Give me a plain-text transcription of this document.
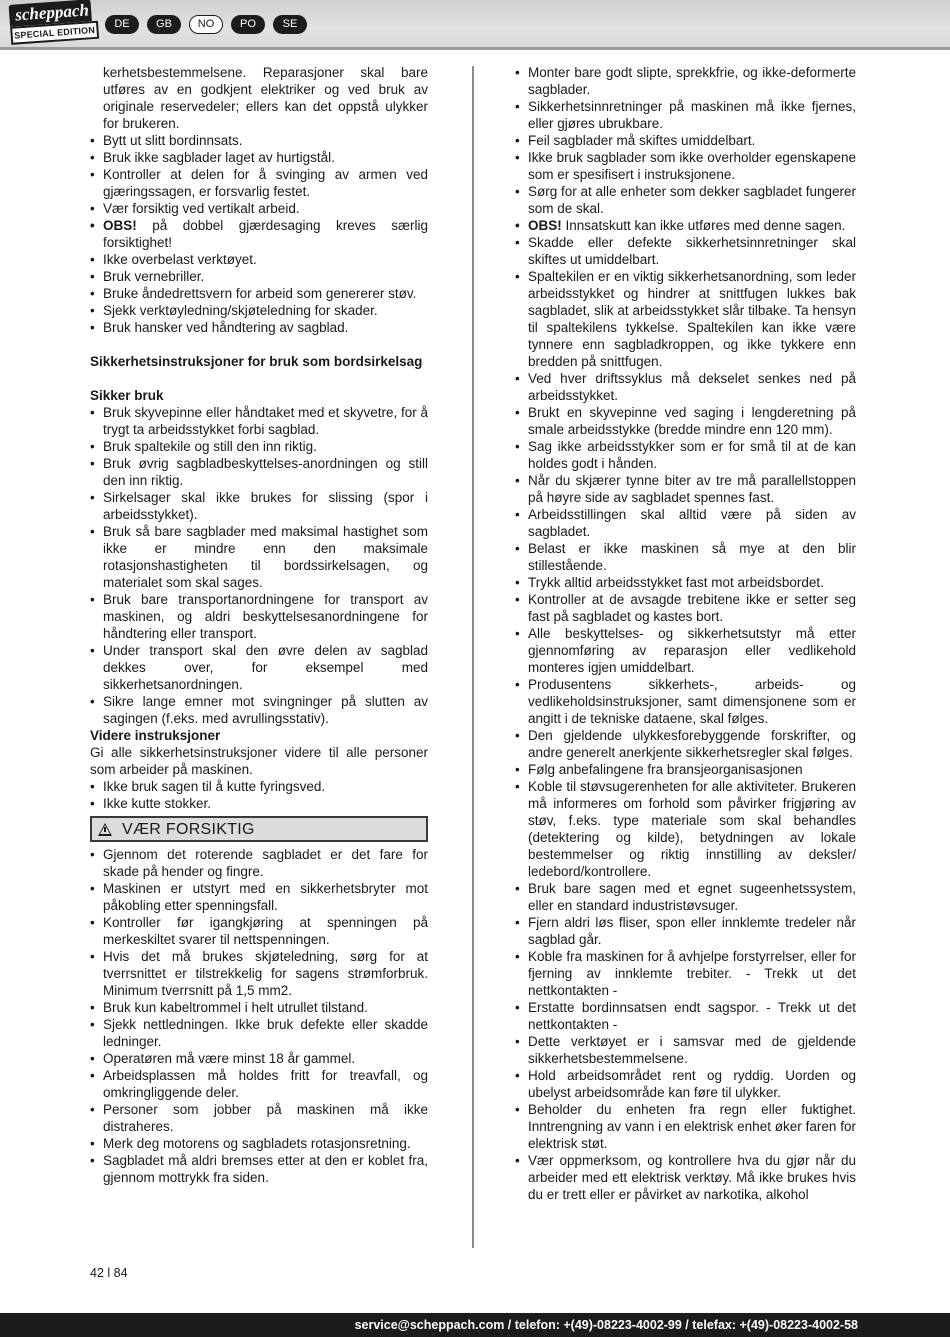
scheppach
SPECIAL EDITION
DE	GB	NO	PO	SE

kerhetsbestemmelsene. Reparasjoner skal bare utføres av en godkjent elektriker og ved bruk av originale reservedeler; ellers kan det oppstå ulykker for brukeren.

• Bytt ut slitt bordinnsats.
• Bruk ikke sagblader laget av hurtigstål.
• Kontroller at delen for å svinging av armen ved gjæringssagen, er forsvarlig festet.
• Vær forsiktig ved vertikalt arbeid.
• OBS! på dobbel gjærdesaging kreves særlig forsiktighet!
• Ikke overbelast verktøyet.
• Bruk vernebriller.
• Bruke åndedrettsvern for arbeid som genererer støv.
• Sjekk verktøyledning/skjøteledning for skader.
• Bruk hansker ved håndtering av sagblad.

Sikkerhetsinstruksjoner for bruk som bordsirkelsag

Sikker bruk

• Bruk skyvepinne eller håndtaket med et skyvetre, for å trygt ta arbeidsstykket forbi sagblad.
• Bruk spaltekile og still den inn riktig.
• Bruk øvrig sagbladbeskyttelses-anordningen og still den inn riktig.
• Sirkelsager skal ikke brukes for slissing (spor i arbeidsstykket).
• Bruk så bare sagblader med maksimal hastighet som ikke er mindre enn den maksimale rotasjonshastigheten til bordssirkelsagen, og materialet som skal sages.
• Bruk bare transportanordningene for transport av maskinen, og aldri beskyttelsesanordningene for håndtering eller transport.
• Under transport skal den øvre delen av sagblad dekkes over, for eksempel med sikkerhetsanordningen.
• Sikre lange emner mot svingninger på slutten av sagingen (f.eks. med avrullingsstativ).

Videre instruksjoner

Gi alle sikkerhetsinstruksjoner videre til alle personer som arbeider på maskinen.

• Ikke bruk sagen til å kutte fyringsved.
• Ikke kutte stokker.
VÆR FORSIKTIG
• Gjennom det roterende sagbladet er det fare for skade på hender og fingre.
• Maskinen er utstyrt med en sikkerhetsbryter mot påkobling etter spenningsfall.
• Kontroller før igangkjøring at spenningen på merkeskiltet svarer til nettspenningen.
• Hvis det må brukes skjøteledning, sørg for at tverrsnittet er tilstrekkelig for sagens strømforbruk. Minimum tverrsnitt på 1,5 mm2.
• Bruk kun kabeltrommel i helt utrullet tilstand.
• Sjekk nettledningen. Ikke bruk defekte eller skadde ledninger.
• Operatøren må være minst 18 år gammel.
• Arbeidsplassen må holdes fritt for treavfall, og omkringliggende deler.
• Personer som jobber på maskinen må ikke distraheres.
• Merk deg motorens og sagbladets rotasjonsretning.
• Sagbladet må aldri bremses etter at den er koblet fra, gjennom mottrykk fra siden.
• Monter bare godt slipte, sprekkfrie, og ikke-deformerte sagblader.
• Sikkerhetsinnretninger på maskinen må ikke fjernes, eller gjøres ubrukbare.
• Feil sagblader må skiftes umiddelbart.
• Ikke bruk sagblader som ikke overholder egenskapene som er spesifisert i instruksjonene.
• Sørg for at alle enheter som dekker sagbladet fungerer som de skal.
• OBS! Innsatskutt kan ikke utføres med denne sagen.
• Skadde eller defekte sikkerhetsinnretninger skal skiftes ut umiddelbart.
• Spaltekilen er en viktig sikkerhetsanordning, som leder arbeidsstykket og hindrer at snittfugen lukkes bak sagbladet, slik at arbeidsstykket slår tilbake. Ta hensyn til spaltekilens tykkelse. Spaltekilen kan ikke være tynnere enn sagbladkroppen, og ikke tykkere enn bredden på snittfugen.
• Ved hver driftssyklus må dekselet senkes ned på arbeidsstykket.
• Brukt en skyvepinne ved saging i lengderetning på smale arbeidsstykke (bredde mindre enn 120 mm).
• Sag ikke arbeidsstykker som er for små til at de kan holdes godt i hånden.
• Når du skjærer tynne biter av tre må parallellstoppen på høyre side av sagbladet spennes fast.
• Arbeidsstillingen skal alltid være på siden av sagbladet.
• Belast er ikke maskinen så mye at den blir stillestående.
• Trykk alltid arbeidsstykket fast mot arbeidsbordet.
• Kontroller at de avsagde trebitene ikke er setter seg fast på sagbladet og kastes bort.
• Alle beskyttelses- og sikkerhetsutstyr må etter gjennomføring av reparasjon eller vedlikehold monteres igjen umiddelbart.
• Produsentens sikkerhets-, arbeids- og vedlikeholdsinstruksjoner, samt dimensjonene som er angitt i de tekniske dataene, skal følges.
• Den gjeldende ulykkesforebyggende forskrifter, og andre generelt anerkjente sikkerhetsregler skal følges.
• Følg anbefalingene fra bransjeorganisasjonen
• Koble til støvsugerenheten for alle aktiviteter. Brukeren må informeres om forhold som påvirker frigjøring av støv, f.eks. type materiale som skal behandles (detektering og kilde), betydningen av lokale bestemmelser og riktig innstilling av deksler/ ledebord/kontrollere.
• Bruk bare sagen med et egnet sugeenhetssystem, eller en standard industristøvsuger.
• Fjern aldri løs fliser, spon eller innklemte tredeler når sagblad går.
• Koble fra maskinen for å avhjelpe forstyrrelser, eller for fjerning av innklemte trebiter. - Trekk ut det nettkontakten -
• Erstatte bordinnsatsen endt sagspor. - Trekk ut det nettkontakten -
• Dette verktøyet er i samsvar med de gjeldende sikkerhetsbestemmelsene.
• Hold arbeidsområdet rent og ryddig. Uorden og ubelyst arbeidsområde kan føre til ulykker.
• Beholder du enheten fra regn eller fuktighet. Inntrengning av vann i en elektrisk enhet øker faren for elektrisk støt.
• Vær oppmerksom, og kontrollere hva du gjør når du arbeider med ett elektrisk verktøy. Må ikke brukes hvis du er trett eller er påvirket av narkotika, alkohol
42 l 84
service@scheppach.com / telefon: +(49)-08223-4002-99 / telefax: +(49)-08223-4002-58
